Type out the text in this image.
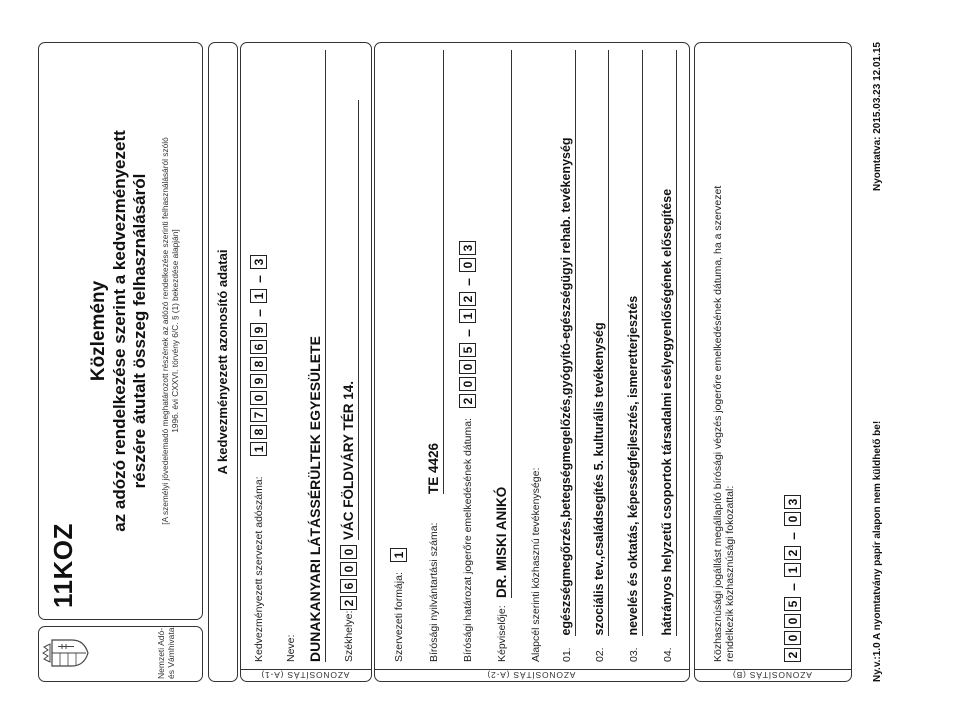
Nemzeti Adó- és Vámhivatal
11KOZ
Közlemény az adózó rendelkezése szerint a kedvezményezett részére átutalt összeg felhasználásáról [A személyi jövedelemadó meghatározott részének az adózó rendelkezése szerinti felhasználásáról szóló 1996. évi CXXVI. törvény 6/C. § (1) bekezdése alapján]	A kedvezményezett azonosító adatai
AZONOSÍTÁS (A-1)
Kedvezményezett szervezet adószáma:
18709869–1–3
Neve: DUNAKANYARI LÁTÁSSÉRÜLTEK EGYESÜLETE Székhelye:
2600
VÁC FÖLDVÁRY TÉR 14.
AZONOSÍTÁS (A-2)
Szervezeti formája:
1 Bírósági nyilvántartási száma:
TE 4426 Bírósági határozat jogerőre emelkedésének dátuma:
2005–12–03
Képviselője:
DR. MISKI ANIKÓ Alapcél szerinti közhasznú tevékenysége:	01. egészségmegőrzés,betegségmegelőzés,gyógyító-egészségügyi rehab. tevékenység
02. szociális tev.,családsegítés 5. kulturális tevékenység
03. nevelés és oktatás, képességfejlesztés, ismeretterjesztés
04. hátrányos helyzetű csoportok társadalmi esélyegyenlőségének elősegítése
AZONOSÍTÁS (B)
Közhasznúsági jogállást megállapító bírósági végzés jogerőre emelkedésének dátuma, ha a szervezet rendelkezik közhasznúsági fokozattal:	2005–12–03	Ny.v.:1.0 A nyomtatvány papír alapon nem küldhető be!
Nyomtatva: 2015.03.23 12.01.15
